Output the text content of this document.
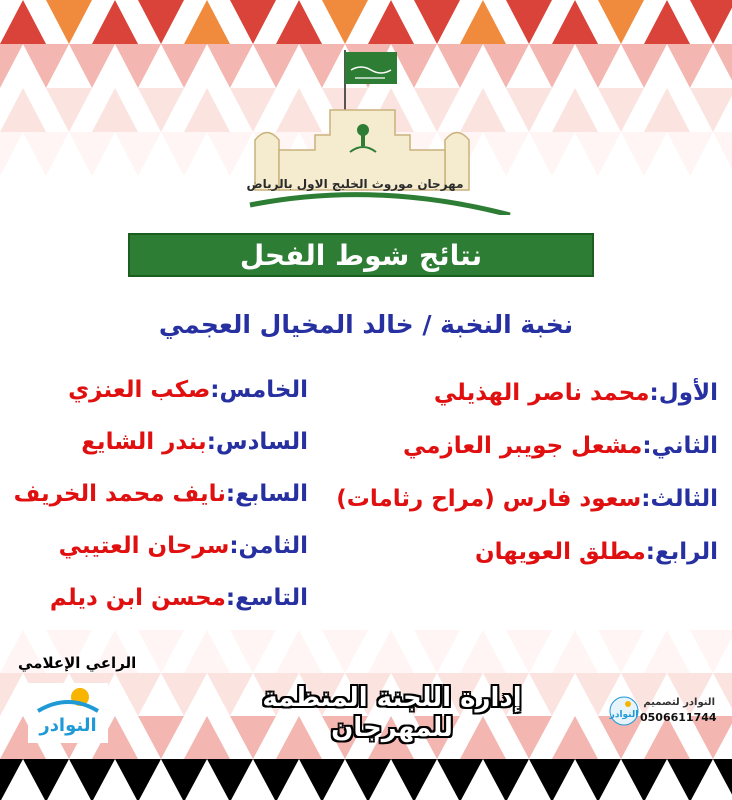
مهرجان موروث الخليج الاول بالرياض
نتائج شوط الفحل
نخبة النخبة / خالد المخيال العجمي
الأول:محمد ناصر الهذيلي
الثاني:مشعل جويبر العازمي
الثالث:سعود فارس (مراح رثامات)
الرابع:مطلق العويهان
الخامس:صكب العنزي
السادس:بندر الشايع
السابع:نايف محمد الخريف
الثامن:سرحان العتيبي
التاسع:محسن ابن ديلم
الراعي الإعلامي
النوادر
إدارة اللجنة المنظمة للمهرجان	النوادر
النوادر لتصميم
0506611744
